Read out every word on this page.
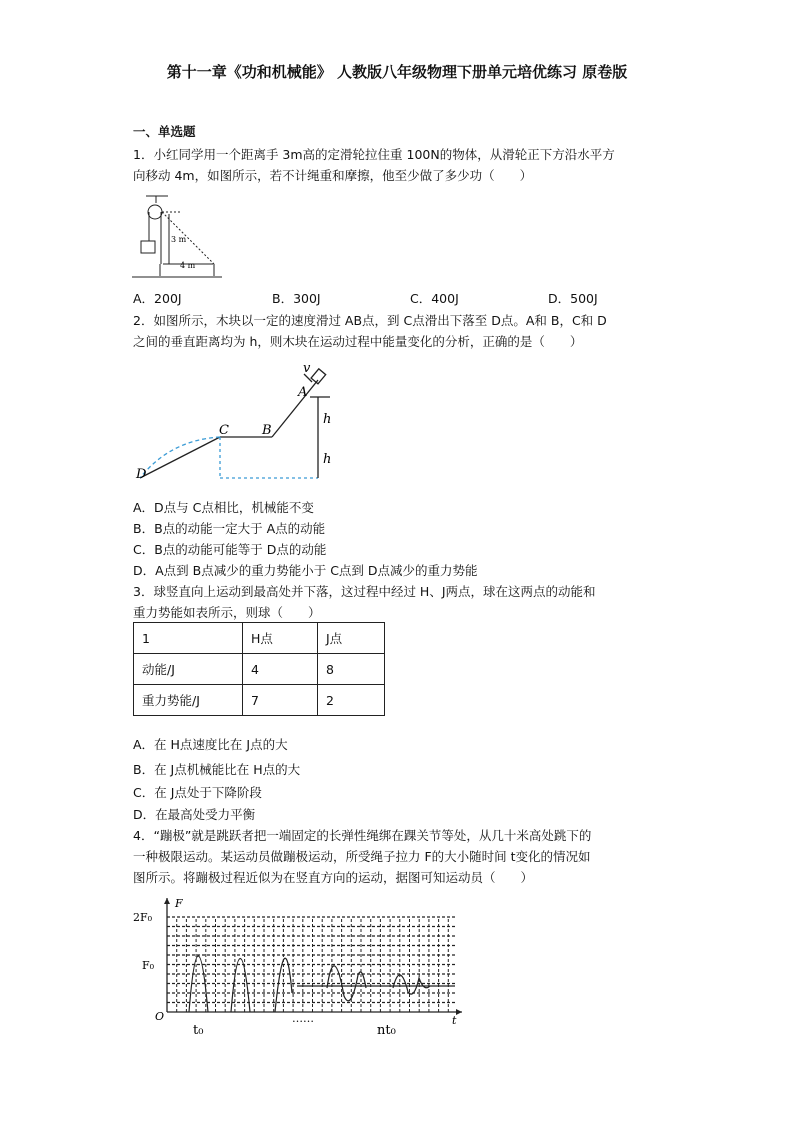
第十一章《功和机械能》 人教版八年级物理下册单元培优练习 原卷版
一、单选题
1．小红同学用一个距离手 3m高的定滑轮拉住重 100N的物体，从滑轮正下方沿水平方
向移动 4m，如图所示，若不计绳重和摩擦，他至少做了多少功（　　）
3 m
4 m
v
A
B
C
D
h
h
F
2F₀
F₀
O	t
t₀	nt₀
……
A．200J	B．300J	C．400J	D．500J
2．如图所示，木块以一定的速度滑过 AB点，到 C点滑出下落至 D点。A和 B，C和 D
之间的垂直距离均为 h，则木块在运动过程中能量变化的分析，正确的是（　　）
A．D点与 C点相比，机械能不变
B．B点的动能一定大于 A点的动能
C．B点的动能可能等于 D点的动能
D．A点到 B点减少的重力势能小于 C点到 D点减少的重力势能
3．球竖直向上运动到最高处并下落，这过程中经过 H、J两点，球在这两点的动能和
重力势能如表所示，则球（　　）
1	H点	J点
动能/J	4	8
重力势能/J	7	2
A．在 H点速度比在 J点的大
B．在 J点机械能比在 H点的大
C．在 J点处于下降阶段
D．在最高处受力平衡
4．“蹦极”就是跳跃者把一端固定的长弹性绳绑在踝关节等处，从几十米高处跳下的
一种极限运动。某运动员做蹦极运动，所受绳子拉力 F的大小随时间 t变化的情况如
图所示。将蹦极过程近似为在竖直方向的运动，据图可知运动员（　　）
